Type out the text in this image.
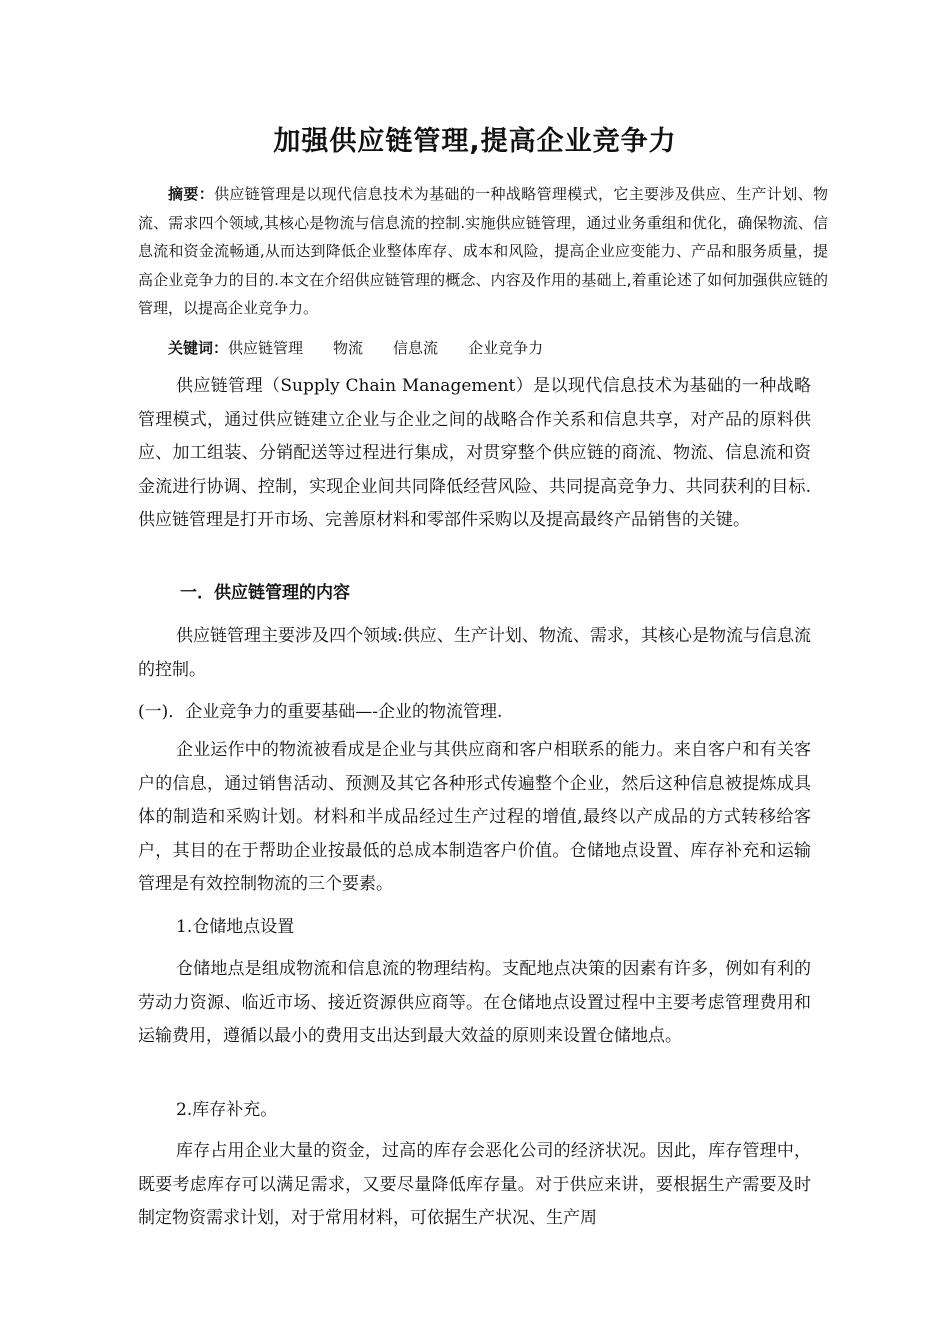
加强供应链管理,提高企业竞争力
摘要：供应链管理是以现代信息技术为基础的一种战略管理模式，它主要涉及供应、生产计划、物流、需求四个领域,其核心是物流与信息流的控制.实施供应链管理，通过业务重组和优化，确保物流、信息流和资金流畅通,从而达到降低企业整体库存、成本和风险，提高企业应变能力、产品和服务质量，提高企业竞争力的目的.本文在介绍供应链管理的概念、内容及作用的基础上,着重论述了如何加强供应链的管理，以提高企业竞争力。
关键词：供应链管理 物流 信息流 企业竞争力
供应链管理（Supply Chain Management）是以现代信息技术为基础的一种战略管理模式，通过供应链建立企业与企业之间的战略合作关系和信息共享，对产品的原料供应、加工组装、分销配送等过程进行集成，对贯穿整个供应链的商流、物流、信息流和资金流进行协调、控制，实现企业间共同降低经营风险、共同提高竞争力、共同获利的目标.供应链管理是打开市场、完善原材料和零部件采购以及提高最终产品销售的关键。
一．供应链管理的内容
供应链管理主要涉及四个领域:供应、生产计划、物流、需求，其核心是物流与信息流的控制。
(一)．企业竞争力的重要基础—-企业的物流管理.
企业运作中的物流被看成是企业与其供应商和客户相联系的能力。来自客户和有关客户的信息，通过销售活动、预测及其它各种形式传遍整个企业，然后这种信息被提炼成具体的制造和采购计划。材料和半成品经过生产过程的增值,最终以产成品的方式转移给客户，其目的在于帮助企业按最低的总成本制造客户价值。仓储地点设置、库存补充和运输管理是有效控制物流的三个要素。
1.仓储地点设置
仓储地点是组成物流和信息流的物理结构。支配地点决策的因素有许多，例如有利的劳动力资源、临近市场、接近资源供应商等。在仓储地点设置过程中主要考虑管理费用和运输费用，遵循以最小的费用支出达到最大效益的原则来设置仓储地点。
2.库存补充。
库存占用企业大量的资金，过高的库存会恶化公司的经济状况。因此，库存管理中，既要考虑库存可以满足需求，又要尽量降低库存量。对于供应来讲，要根据生产需要及时制定物资需求计划，对于常用材料，可依据生产状况、生产周
